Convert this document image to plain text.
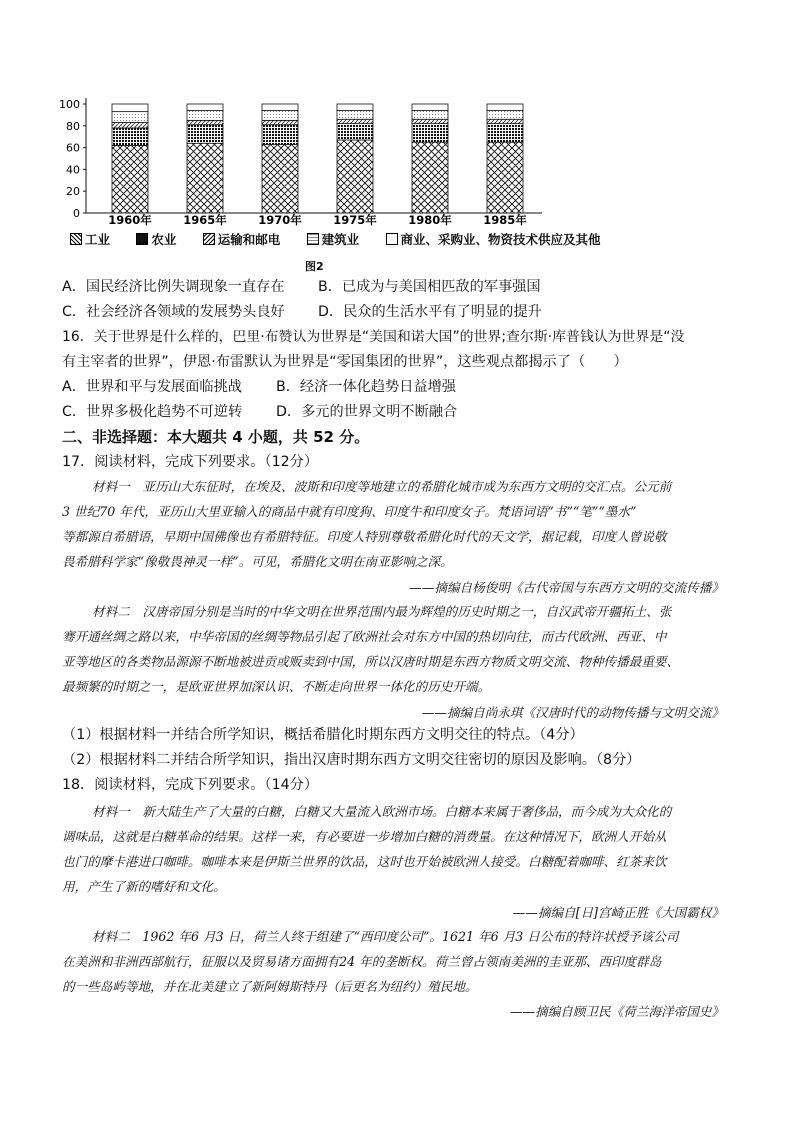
100
80
60
40
20
0 1960年	1965年	1970年	1975年	1980年	1985年
工业	农业	运输和邮电	建筑业	商业、采购业、物资技术供应及其他
图2
A．国民经济比例失调现象一直存在 B．已成为与美国相匹敌的军事强国
C．社会经济各领域的发展势头良好 D．民众的生活水平有了明显的提升
16．关于世界是什么样的，巴里·布赞认为世界是“美国和诺大国”的世界;查尔斯·库普钱认为世界是“没
有主宰者的世界”，伊恩·布雷默认为世界是“零国集团的世界”，这些观点都揭示了（　　）
A．世界和平与发展面临挑战 B．经济一体化趋势日益增强
C．世界多极化趋势不可逆转 D．多元的世界文明不断融合
二、非选择题：本大题共 4 小题，共 52 分。
17．阅读材料，完成下列要求。（12分）
材料一　亚历山大东征时，在埃及、波斯和印度等地建立的希腊化城市成为东西方文明的交汇点。公元前
3 世纪70 年代，亚历山大里亚输入的商品中就有印度狗、印度牛和印度女子。梵语词语“书”“笔”“墨水”
等都源自希腊语，早期中国佛像也有希腊特征。印度人特别尊敬希腊化时代的天文学，据记载，印度人曾说敬
畏希腊科学家“像敬畏神灵一样”。可见，希腊化文明在南亚影响之深。
——摘编自杨俊明《古代帝国与东西方文明的交流传播》
材料二　汉唐帝国分别是当时的中华文明在世界范围内最为辉煌的历史时期之一，自汉武帝开疆拓土、张
骞开通丝绸之路以来，中华帝国的丝绸等物品引起了欧洲社会对东方中国的热切向往，而古代欧洲、西亚、中
亚等地区的各类物品源源不断地被进贡或贩卖到中国，所以汉唐时期是东西方物质文明交流、物种传播最重要、
最频繁的时期之一，是欧亚世界加深认识、不断走向世界一体化的历史开端。
——摘编自尚永琪《汉唐时代的动物传播与文明交流》
（1）根据材料一并结合所学知识，概括希腊化时期东西方文明交往的特点。（4分）
（2）根据材料二并结合所学知识，指出汉唐时期东西方文明交往密切的原因及影响。（8分）
18．阅读材料，完成下列要求。（14分）
材料一　新大陆生产了大量的白糖，白糖又大量流入欧洲市场。白糖本来属于奢侈品，而今成为大众化的
调味品，这就是白糖革命的结果。这样一来，有必要进一步增加白糖的消费量。在这种情况下，欧洲人开始从
也门的摩卡港进口咖啡。咖啡本来是伊斯兰世界的饮品，这时也开始被欧洲人接受。白糖配着咖啡、红茶来饮
用，产生了新的嗜好和文化。
——摘编自[日]宫崎正胜《大国霸权》
材料二　1962 年6 月3 日，荷兰人终于组建了“西印度公司”。1621 年6 月3 日公布的特许状授予该公司
在美洲和非洲西部航行，征服以及贸易诸方面拥有24 年的垄断权。荷兰曾占领南美洲的圭亚那、西印度群岛
的一些岛屿等地，并在北美建立了新阿姆斯特丹（后更名为纽约）殖民地。
——摘编自顾卫民《荷兰海洋帝国史》
